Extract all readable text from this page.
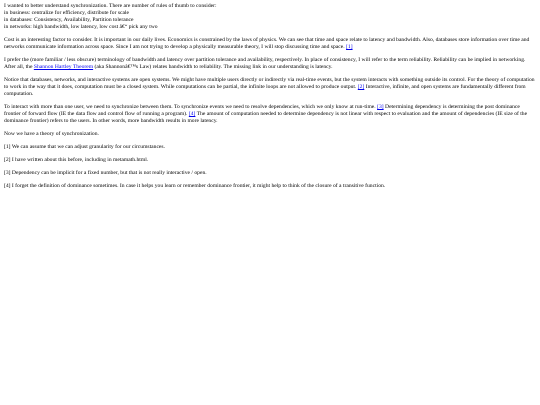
I wanted to better understand synchronization. There are number of rules of thumb to consider:
in business: centralize for efficiency, distribute for scale
in databases: Consistency, Availability, Partition tolerance
in networks: high bandwidth, low latency, low cost â€“ pick any two

Cost is an interesting factor to consider. It is important in our daily lives. Economics is constrained by the laws of physics. We can see that time and space relate to latency and bandwidth. Also, databases store information over time and networks communicate information across space. Since I am not trying to develop a physically measurable theory, I will stop discussing time and space. [1]

I prefer the (more familiar / less obscure) terminology of bandwidth and latency over partition tolerance and availability, respectively. In place of consistency, I will refer to the term reliability. Reliability can be implied in networking. After all, the Shannon Hartley Theorem (aka Shannonâ€™s Law) relates bandwidth to reliability. The missing link in our understanding is latency.

Notice that databases, networks, and interactive systems are open systems. We might have multiple users directly or indirectly via real-time events, but the system interacts with something outside its control. For the theory of computation to work in the way that it does, computation must be a closed system. While computations can be partial, the infinite loops are not allowed to produce output. [2] Interactive, infinite, and open systems are fundamentally different from computation.

To interact with more than one user, we need to synchronize between them. To synchronize events we need to resolve dependencies, which we only know at run-time. [3] Determining dependency is determining the post dominance frontier of forward flow (IE the data flow and control flow of running a program). [4] The amount of computation needed to determine dependency is not linear with respect to evaluation and the amount of dependencies (IE size of the dominance frontier) refers to the users. In other words, more bandwidth results in more latency.

Now we have a theory of synchronization.

[1] We can assume that we can adjust granularity for our circumstances.

[2] I have written about this before, including in metamath.html.

[3] Dependency can be implicit for a fixed number, but that is not really interactive / open.

[4] I forget the definition of dominance sometimes. In case it helps you learn or remember dominance frontier, it might help to think of the closure of a transitive function.
